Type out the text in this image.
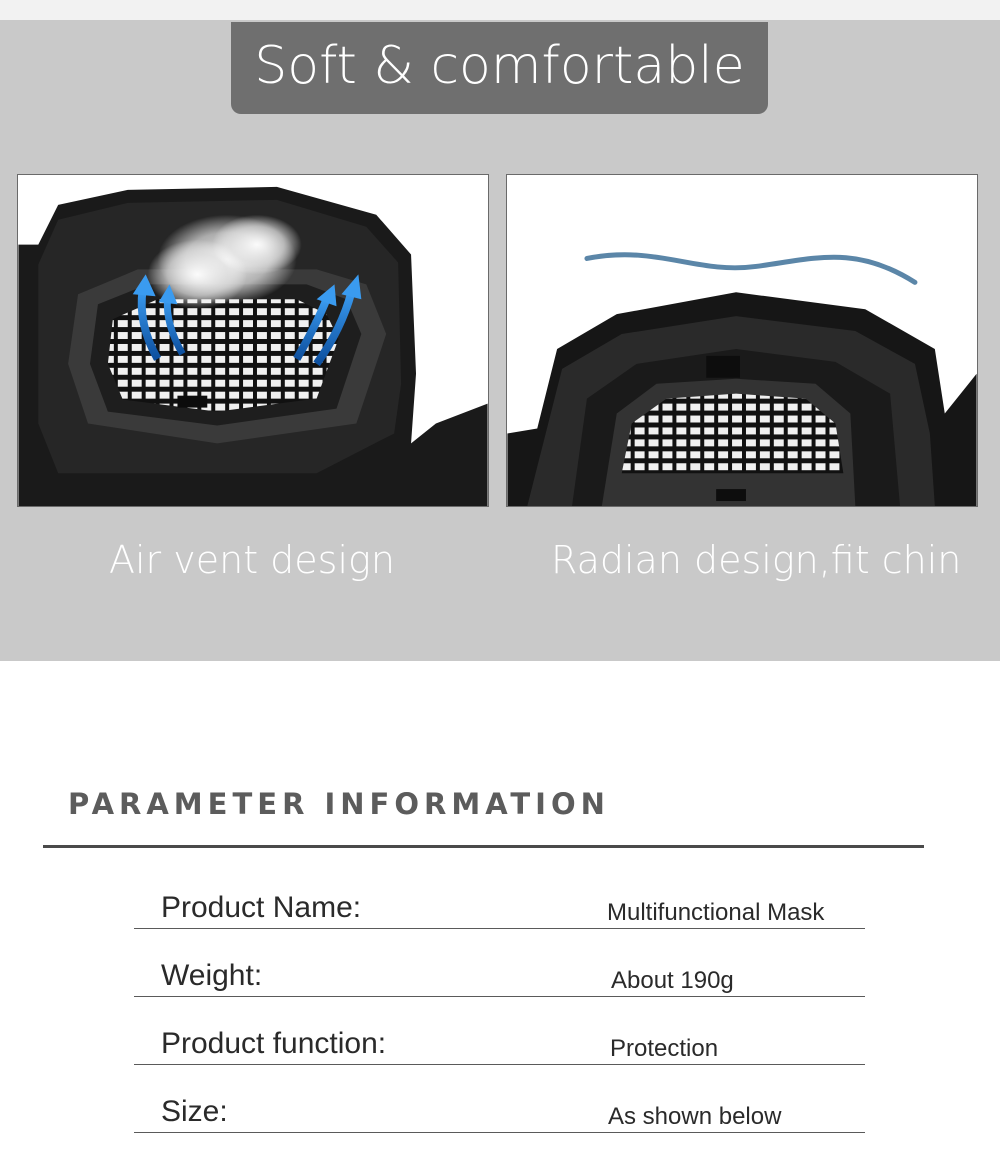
Soft & comfortable
Air vent design	Radian design,fit chin
PARAMETER INFORMATION
Product Name:	Multifunctional Mask
Weight:	About 190g
Product function:	Protection
Size:	As shown below
